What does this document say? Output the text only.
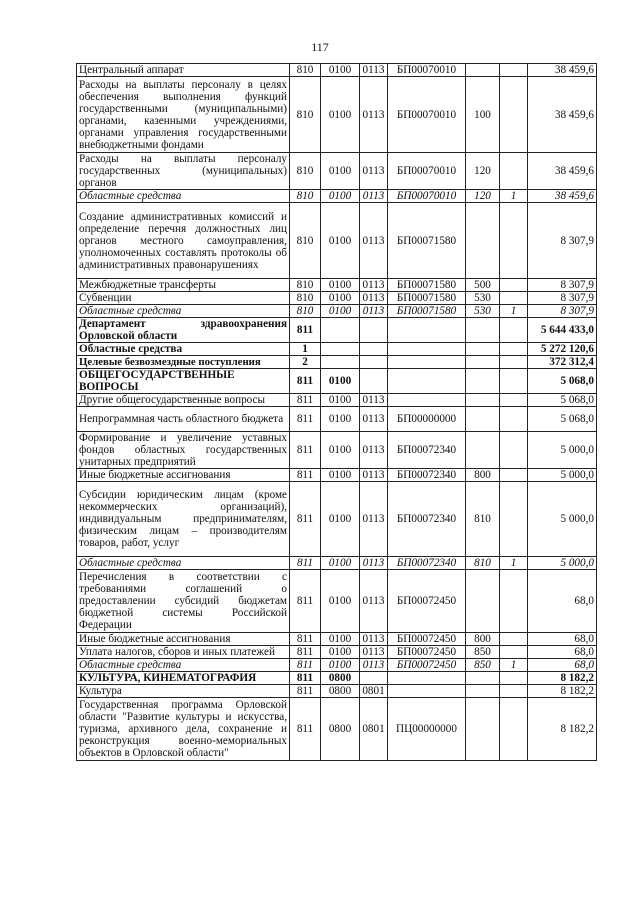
117
Центральный аппарат	810	0100	0113	БП00070010			38 459,6
Расходы на выплаты персоналу в целях обеспечения выполнения функций государственными (муниципальными) органами, казенными учреждениями, органами управления государственными внебюджетными фондами	810	0100	0113	БП00070010	100		38 459,6
Расходы на выплаты персоналу государственных (муниципальных) органов	810	0100	0113	БП00070010	120		38 459,6
Областные средства	810	0100	0113	БП00070010	120	1	38 459,6
Создание административных комиссий и определение перечня должностных лиц органов местного самоуправления, уполномоченных составлять протоколы об административных правонарушениях	810	0100	0113	БП00071580			8 307,9
Межбюджетные трансферты	810	0100	0113	БП00071580	500		8 307,9
Субвенции	810	0100	0113	БП00071580	530		8 307,9
Областные средства	810	0100	0113	БП00071580	530	1	8 307,9
Департамент здравоохранения Орловской области	811						5 644 433,0
Областные средства	1						5 272 120,6
Целевые безвозмездные поступления	2						372 312,4
ОБЩЕГОСУДАРСТВЕННЫЕ ВОПРОСЫ	811	0100					5 068,0
Другие общегосударственные вопросы	811	0100	0113				5 068,0
Непрограммная часть областного бюджета	811	0100	0113	БП00000000			5 068,0
Формирование и увеличение уставных фондов областных государственных унитарных предприятий	811	0100	0113	БП00072340			5 000,0
Иные бюджетные ассигнования	811	0100	0113	БП00072340	800		5 000,0
Субсидии юридическим лицам (кроме некоммерческих организаций), индивидуальным предпринимателям, физическим лицам – производителям товаров, работ, услуг	811	0100	0113	БП00072340	810		5 000,0
Областные средства	811	0100	0113	БП00072340	810	1	5 000,0
Перечисления в соответствии с требованиями соглашений о предоставлении субсидий бюджетам бюджетной системы Российской Федерации	811	0100	0113	БП00072450			68,0
Иные бюджетные ассигнования	811	0100	0113	БП00072450	800		68,0
Уплата налогов, сборов и иных платежей	811	0100	0113	БП00072450	850		68,0
Областные средства	811	0100	0113	БП00072450	850	1	68,0
КУЛЬТУРА, КИНЕМАТОГРАФИЯ	811	0800					8 182,2
Культура	811	0800	0801				8 182,2
Государственная программа Орловской области "Развитие культуры и искусства, туризма, архивного дела, сохранение и реконструкция военно-мемориальных объектов в Орловской области"	811	0800	0801	ПЦ00000000			8 182,2
